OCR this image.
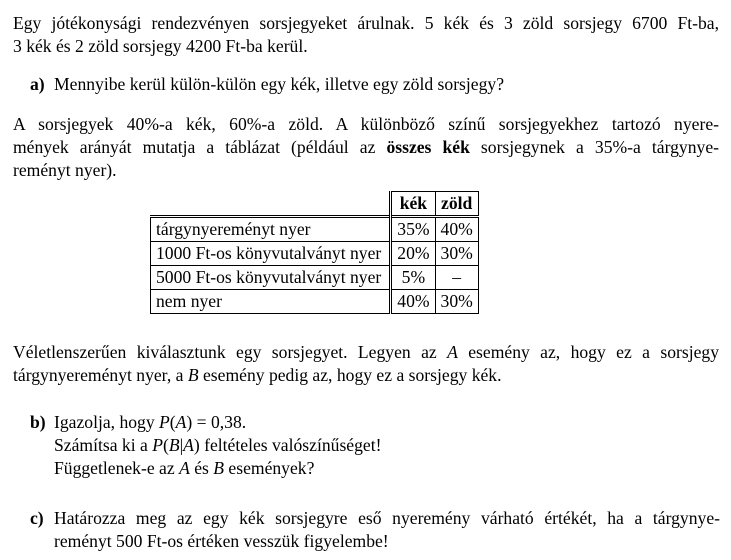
Egy jótékonysági rendezvényen sorsjegyeket árulnak. 5 kék és 3 zöld sorsjegy 6700 Ft-ba,
3 kék és 2 zöld sorsjegy 4200 Ft-ba kerül.
a) Mennyibe kerül külön-külön egy kék, illetve egy zöld sorsjegy?
A sorsjegyek 40%-a kék, 60%-a zöld. A különböző színű sorsjegyekhez tartozó nyere-
mények arányát mutatja a táblázat (például az összes kék sorsjegynek a 35%-a tárgynye-
reményt nyer).
	kék	zöld
tárgynyereményt nyer	35%	40%
1000 Ft-os könyvutalványt nyer	20%	30%
5000 Ft-os könyvutalványt nyer	5%	–
nem nyer	40%	30%
Véletlenszerűen kiválasztunk egy sorsjegyet. Legyen az A esemény az, hogy ez a sorsjegy
tárgynyereményt nyer, a B esemény pedig az, hogy ez a sorsjegy kék.
b) Igazolja, hogy P(A) = 0,38.
Számítsa ki a P(B|A) feltételes valószínűséget!
Függetlenek-e az A és B események?
c) Határozza meg az egy kék sorsjegyre eső nyeremény várható értékét, ha a tárgynye-
reményt 500 Ft-os értéken vesszük figyelembe!
